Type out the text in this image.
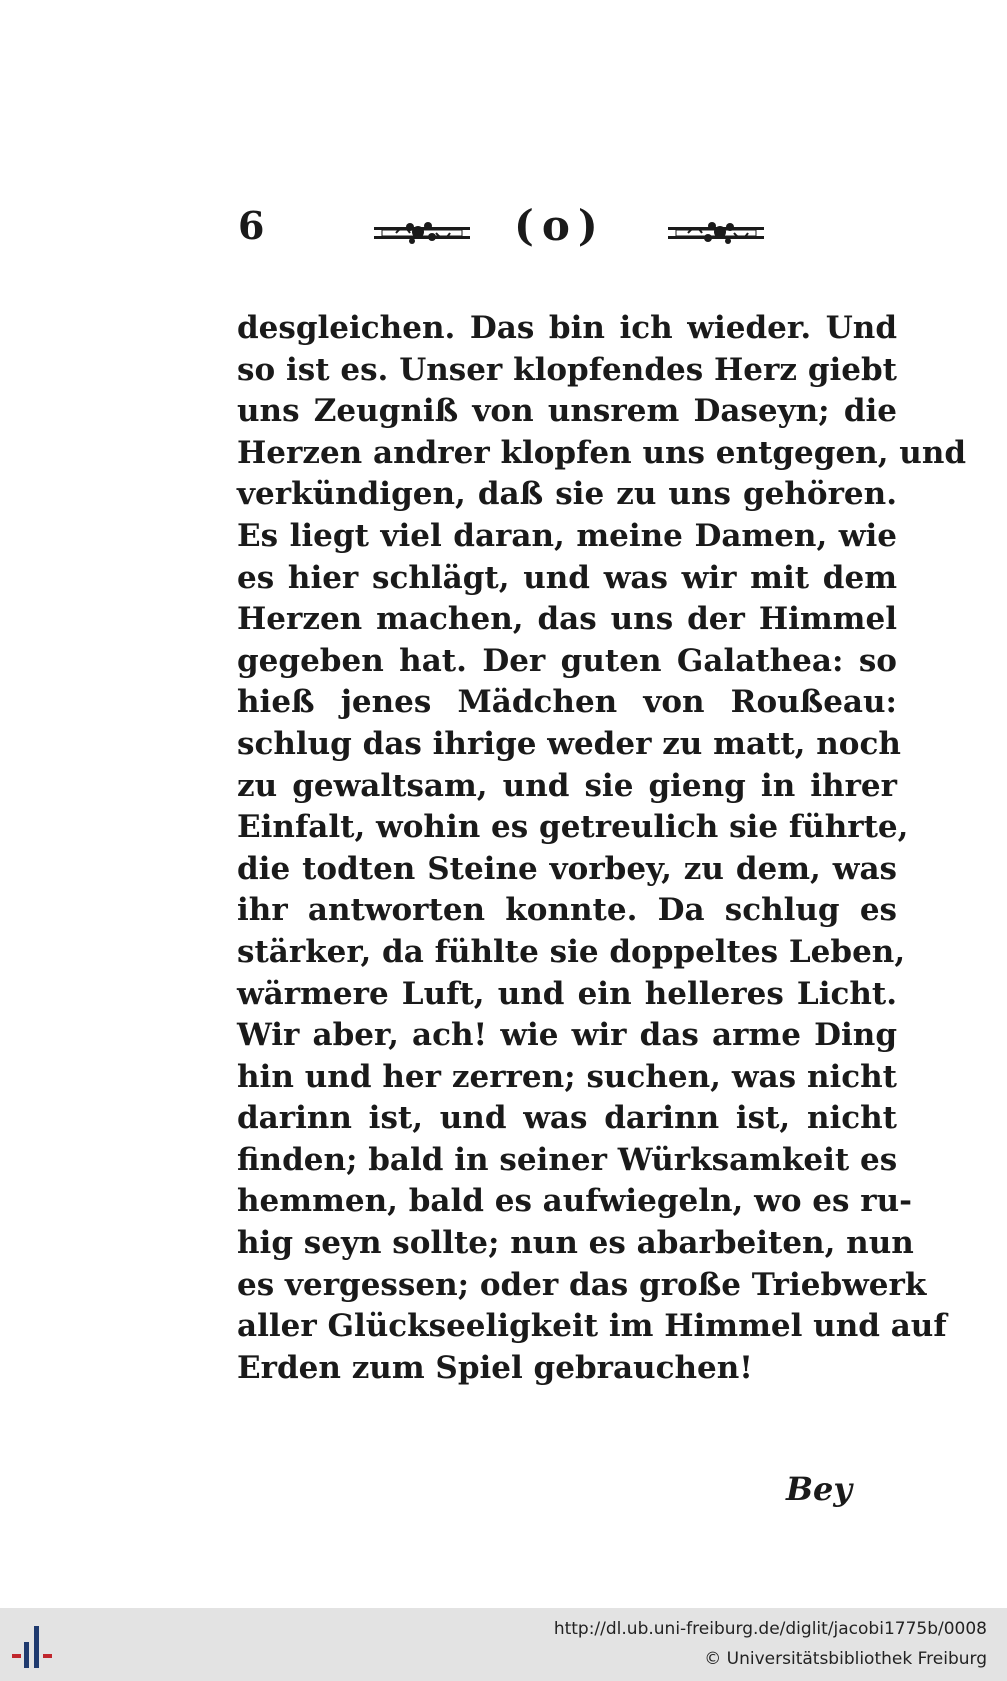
6	(o)
desgleichen. Das bin ich wieder. Und
so ist es. Unser klopfendes Herz giebt
uns Zeugniß von unsrem Daseyn; die
Herzen andrer klopfen uns entgegen, und
verkündigen, daß sie zu uns gehören.
Es liegt viel daran, meine Damen, wie
es hier schlägt, und was wir mit dem
Herzen machen, das uns der Himmel
gegeben hat. Der guten Galathea: so
hieß jenes Mädchen von Roußeau:
schlug das ihrige weder zu matt, noch
zu gewaltsam, und sie gieng in ihrer
Einfalt, wohin es getreulich sie führte,
die todten Steine vorbey, zu dem, was
ihr antworten konnte. Da schlug es
stärker, da fühlte sie doppeltes Leben,
wärmere Luft, und ein helleres Licht.
Wir aber, ach! wie wir das arme Ding
hin und her zerren; suchen, was nicht
darinn ist, und was darinn ist, nicht
finden; bald in seiner Würksamkeit es
hemmen, bald es aufwiegeln, wo es ru-
hig seyn sollte; nun es abarbeiten, nun
es vergessen; oder das große Triebwerk
aller Glückseeligkeit im Himmel und auf
Erden zum Spiel gebrauchen!
Bey
http://dl.ub.uni-freiburg.de/diglit/jacobi1775b/0008
© Universitätsbibliothek Freiburg
